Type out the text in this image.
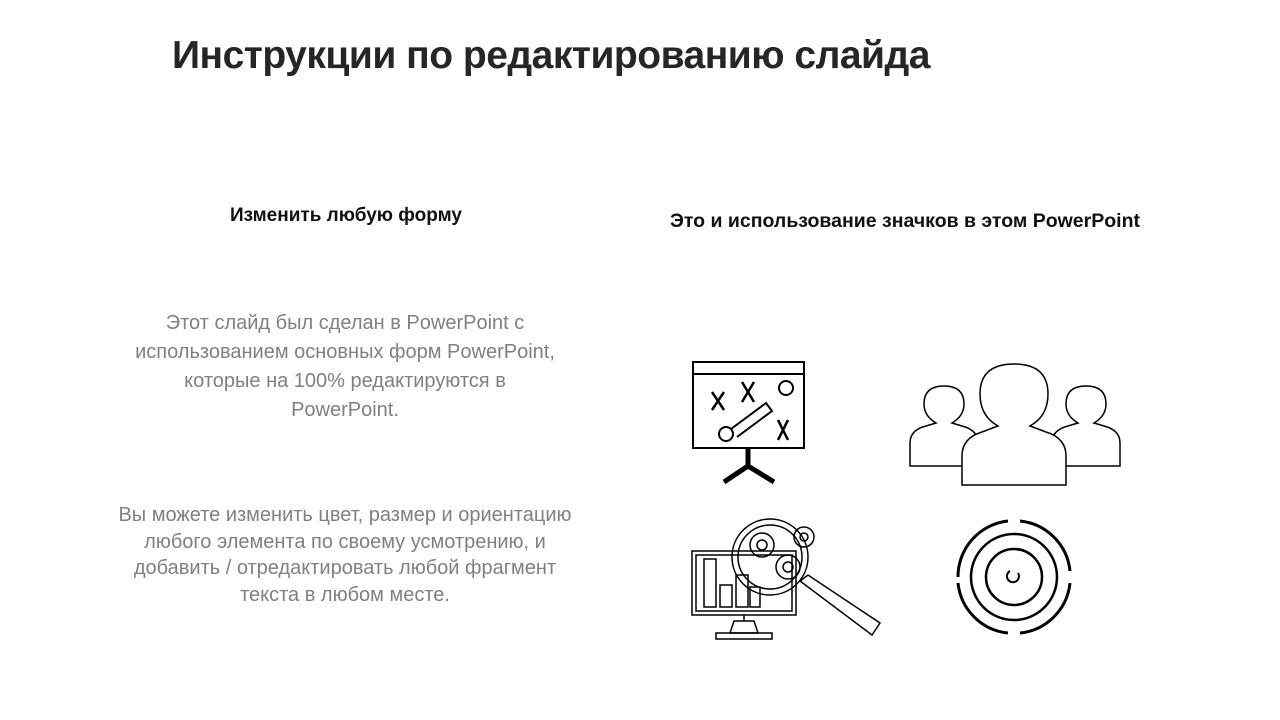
Инструкции по редактированию слайда
Изменить любую форму	Это и использование значков в этом PowerPoint
Этот слайд был сделан в PowerPoint с использованием основных форм PowerPoint, которые на 100% редактируются в PowerPoint.
Вы можете изменить цвет, размер и ориентацию любого элемента по своему усмотрению, и добавить / отредактировать любой фрагмент текста в любом месте.
